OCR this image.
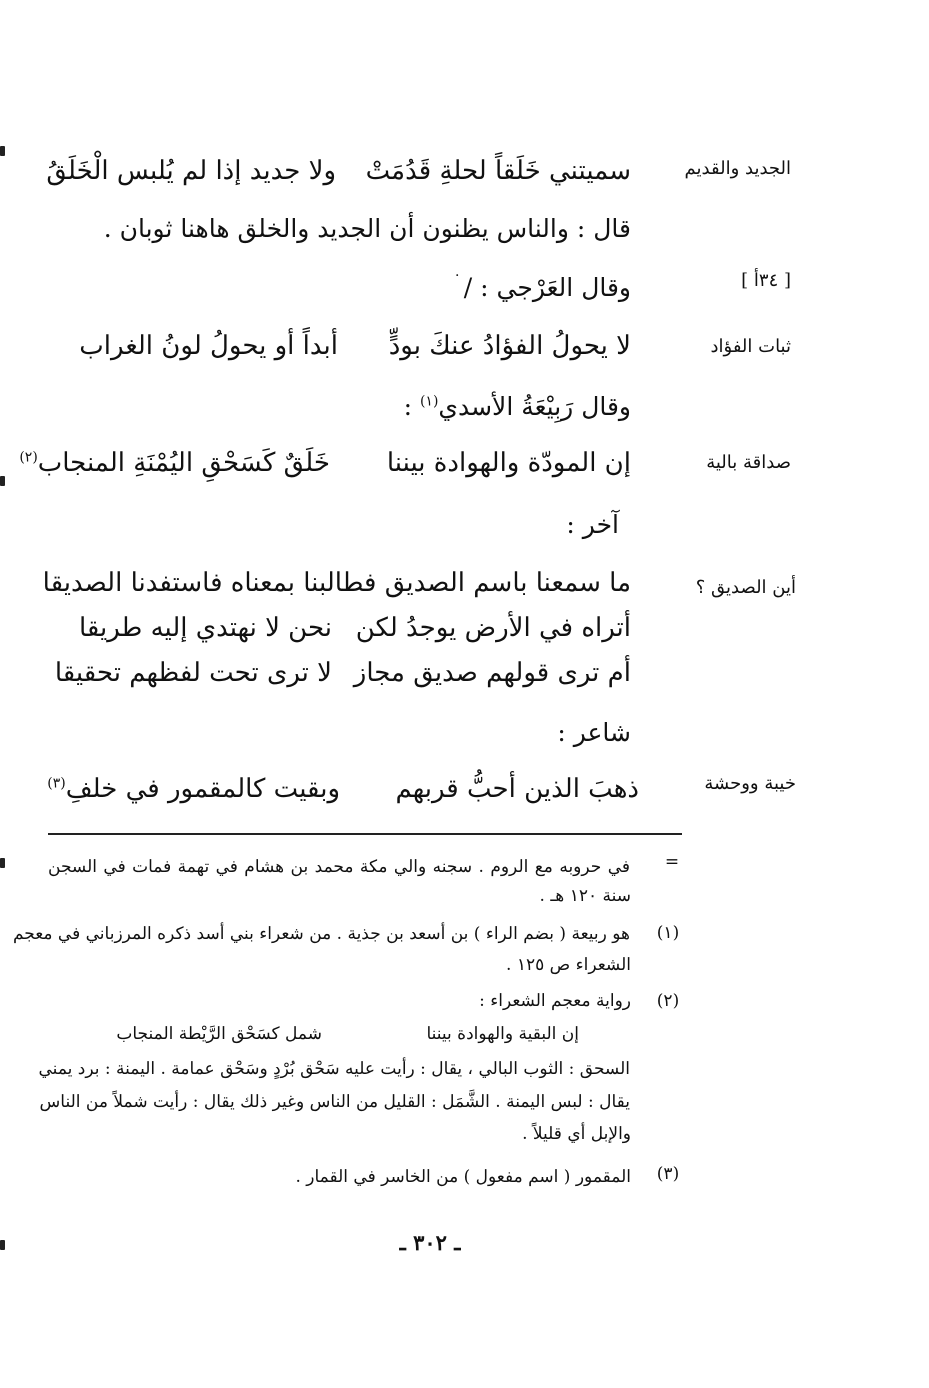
الجديد والقديم
[ ٣٤أ ]
ثبات الفؤاد
صداقة بالية
أين الصديق ؟
خيبة ووحشة
سميتني خَلَقاً لحلةِ قَدُمَتْ
ولا جديد إذا لم يُلبس الْخَلَقُ
قال : والناس يظنون أن الجديد والخلق هاهنا ثوبان .
وقال العَرْجي : /
·
لا يحولُ الفؤادُ عنكَ بودٍّ
أبداً أو يحولُ لونُ الغراب
وقال رَبِيْعَةُ الأسدي$^{(١)}$ :
إن المودّة والهوادة بيننا
خَلَقٌ كَسَحْقِ اليُمْنَةِ المنجاب$^{(٢)}$
آخر :
ما سمعنا باسم الصديق فطالبنا بمعناه فاستفدنا الصديقا
أتراه في الأرض يوجدُ لكن
نحن لا نهتدي إليه طريقا
أم ترى قولهم صديق مجاز
لا ترى تحت لفظهم تحقيقا
شاعر :
ذهبَ الذين أحبُّ قربهم
وبقيت كالمقمور في خلفِ$^{(٣)}$
=
في حروبه مع الروم . سجنه والي مكة محمد بن هشام في تهمة فمات في السجن
سنة ١٢٠ هـ .
(١)
هو ربيعة ( بضم الراء ) بن أسعد بن جذية . من شعراء بني أسد ذكره المرزباني في معجم
الشعراء ص ١٢٥ .
(٢)
رواية معجم الشعراء :
إن البقية والهوادة بيننا
شمل كسَحْق الرَّيْطة المنجاب
السحق : الثوب البالي ، يقال : رأيت عليه سَحْق بُرْدٍ وسَحْق عمامة . اليمنة : برد يمني
يقال : لبس اليمنة . الشَّمَل : القليل من الناس وغير ذلك يقال : رأيت شملاً من الناس
والإبل أي قليلاً .
(٣)
المقمور ( اسم مفعول ) من الخاسر في القمار .
ـ ٣٠٢ ـ
